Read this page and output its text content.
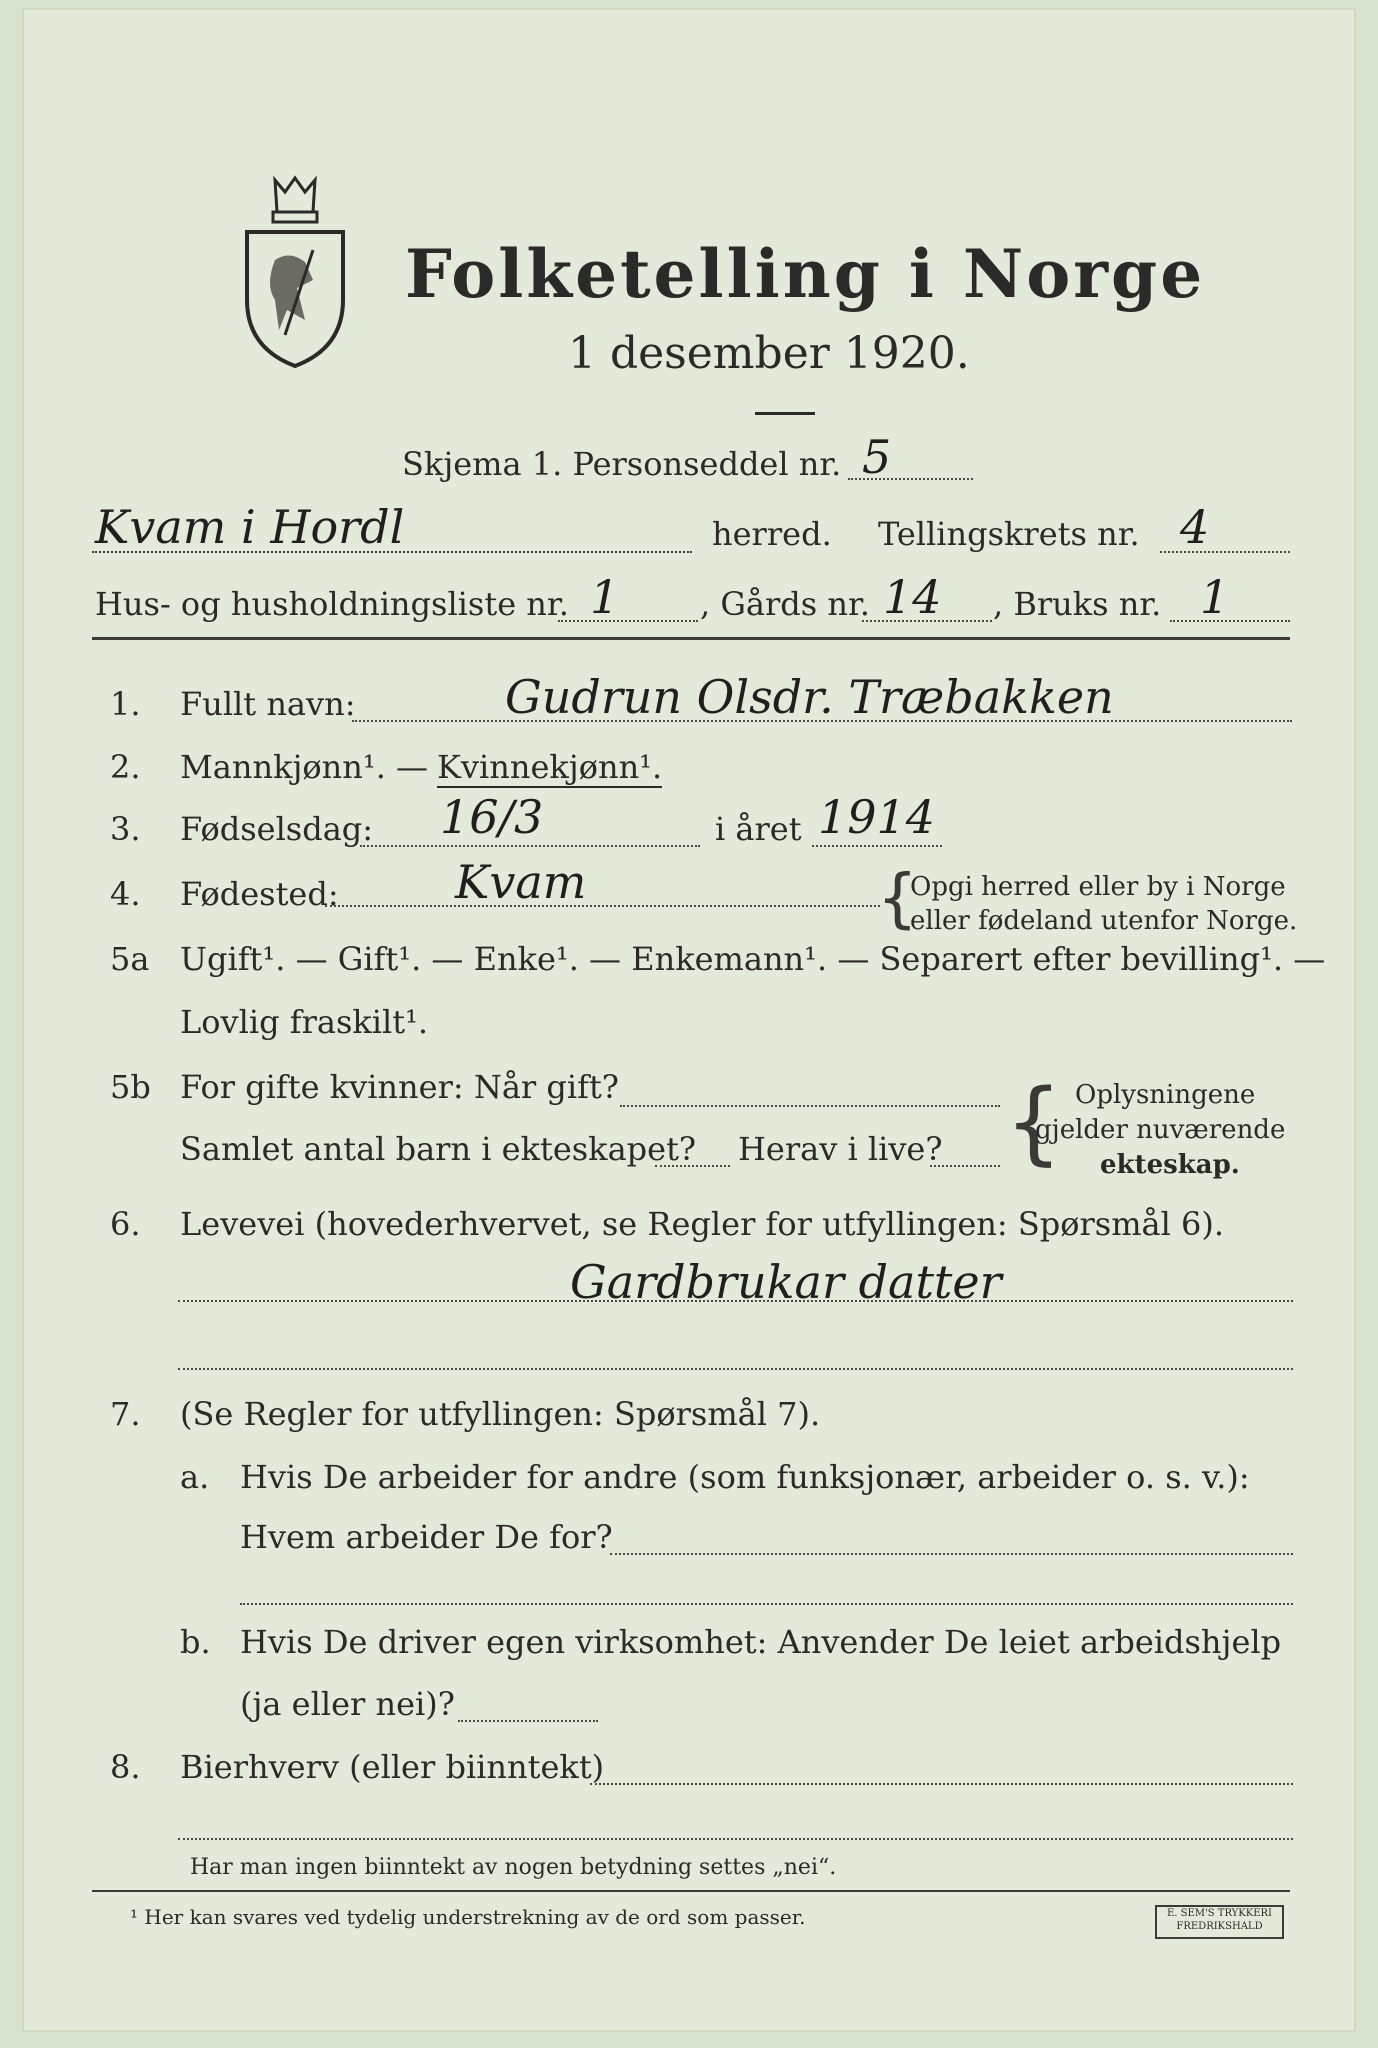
Folketelling i Norge
1 desember 1920.
Skjema 1. Personseddel nr. 5
Kvam i Hordl	herred. Tellingskrets nr. 4
Hus- og husholdningsliste nr. 1	, Gårds nr. 14 , Bruks nr. 1
1. Fullt navn:	Gudrun Olsdr. Træbakken
2. Mannkjønn¹. — Kvinnekjønn¹.
3. Fødselsdag: 16/3	i året 1914
4. Fødested:	Kvam	{
Opgi herred eller by i Norge
eller fødeland utenfor Norge.
5a Ugift¹. — Gift¹. — Enke¹. — Enkemann¹. — Separert efter bevilling¹. —
Lovlig fraskilt¹.
5b For gifte kvinner: Når gift?
Samlet antal barn i ekteskapet? Herav i live? { Oplysningene
gjelder nuværende
ekteskap.
6. Levevei (hovederhvervet, se Regler for utfyllingen: Spørsmål 6).
Gardbrukar datter
7. (Se Regler for utfyllingen: Spørsmål 7).
a. Hvis De arbeider for andre (som funksjonær, arbeider o. s. v.):
Hvem arbeider De for?
b. Hvis De driver egen virksomhet: Anvender De leiet arbeidshjelp
(ja eller nei)?
8. Bierhverv (eller biinntekt)
Har man ingen biinntekt av nogen betydning settes „nei“.
¹ Her kan svares ved tydelig understrekning av de ord som passer.	E. SEM'S TRYKKERI FREDRIKSHALD
